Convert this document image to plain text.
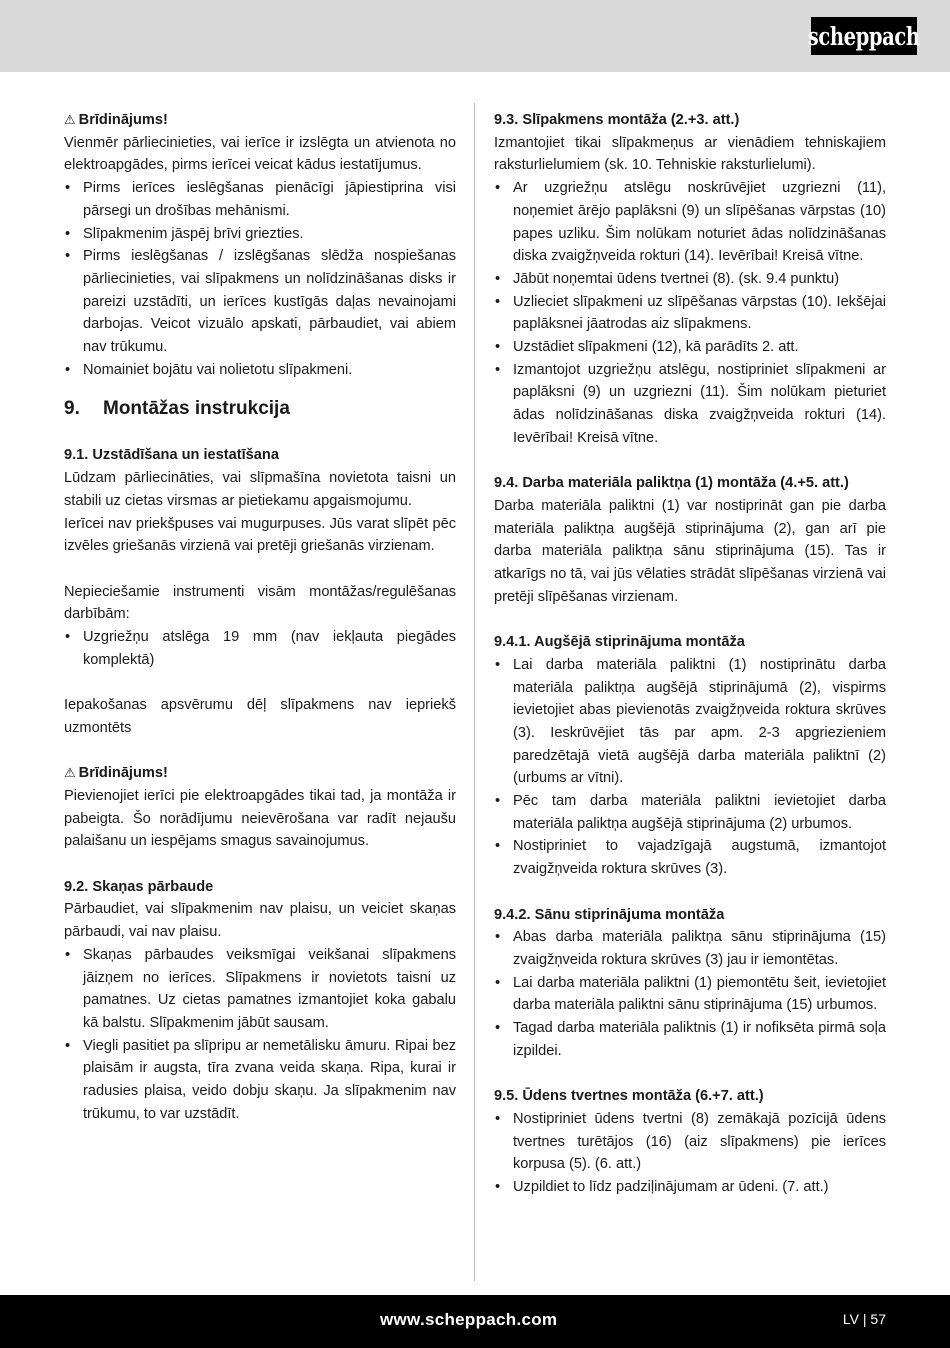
scheppach
⚠ Brīdinājums!
Vienmēr pārliecinieties, vai ierīce ir izslēgta un atvienota no elektroapgādes, pirms ierīcei veicat kādus iestatījumus.
• Pirms ierīces ieslēgšanas pienācīgi jāpiestiprina visi pārsegi un drošības mehānismi.
• Slīpakmenim jāspēj brīvi griezties.
• Pirms ieslēgšanas / izslēgšanas slēdža nospiešanas pārliecinieties, vai slīpakmens un nolīdzināšanas disks ir pareizi uzstādīti, un ierīces kustīgās daļas nevainojami darbojas. Veicot vizuālo apskati, pārbaudiet, vai abiem nav trūkumu.
• Nomainiet bojātu vai nolietotu slīpakmeni.
9.	Montāžas instrukcija
9.1. Uzstādīšana un iestatīšana
Lūdzam pārliecināties, vai slīpmašīna novietota taisni un stabili uz cietas virsmas ar pietiekamu apgaismojumu.
Ierīcei nav priekšpuses vai mugurpuses. Jūs varat slīpēt pēc izvēles griešanās virzienā vai pretēji griešanās virzienam.
Nepieciešamie instrumenti visām montāžas/regulēšanas darbībām:
• Uzgriežņu atslēga 19 mm (nav iekļauta piegādes komplektā)
Iepakošanas apsvērumu dēļ slīpakmens nav iepriekš uzmontēts
⚠ Brīdinājums!
Pievienojiet ierīci pie elektroapgādes tikai tad, ja montāža ir pabeigta. Šo norādījumu neievērošana var radīt nejaušu palaišanu un iespējams smagus savainojumus.
9.2. Skaņas pārbaude
Pārbaudiet, vai slīpakmenim nav plaisu, un veiciet skaņas pārbaudi, vai nav plaisu.
• Skaņas pārbaudes veiksmīgai veikšanai slīpakmens jāizņem no ierīces. Slīpakmens ir novietots taisni uz pamatnes. Uz cietas pamatnes izmantojiet koka gabalu kā balstu. Slīpakmenim jābūt sausam.
• Viegli pasitiet pa slīpripu ar nemetālisku āmuru. Ripai bez plaisām ir augsta, tīra zvana veida skaņa. Ripa, kurai ir radusies plaisa, veido dobju skaņu. Ja slīpakmenim nav trūkumu, to var uzstādīt.
9.3. Slīpakmens montāža (2.+3. att.)
Izmantojiet tikai slīpakmeņus ar vienādiem tehniskajiem raksturlielumiem (sk. 10. Tehniskie raksturlielumi).
• Ar uzgriežņu atslēgu noskrūvējiet uzgriezni (11), noņemiet ārējo paplāksni (9) un slīpēšanas vārpstas (10) papes uzliku. Šim nolūkam noturiet ādas nolīdzināšanas diska zvaigžņveida rokturi (14). Ievērībai! Kreisā vītne.
• Jābūt noņemtai ūdens tvertnei (8). (sk. 9.4 punktu)
• Uzlieciet slīpakmeni uz slīpēšanas vārpstas (10). Iekšējai paplāksnei jāatrodas aiz slīpakmens.
• Uzstādiet slīpakmeni (12), kā parādīts 2. att.
• Izmantojot uzgriežņu atslēgu, nostipriniet slīpakmeni ar paplāksni (9) un uzgriezni (11). Šim nolūkam pieturiet ādas nolīdzināšanas diska zvaigžņveida rokturi (14). Ievērībai! Kreisā vītne.
9.4. Darba materiāla paliktņa (1) montāža (4.+5. att.)
Darba materiāla paliktni (1) var nostiprināt gan pie darba materiāla paliktņa augšējā stiprinājuma (2), gan arī pie darba materiāla paliktņa sānu stiprinājuma (15). Tas ir atkarīgs no tā, vai jūs vēlaties strādāt slīpēšanas virzienā vai pretēji slīpēšanas virzienam.
9.4.1. Augšējā stiprinājuma montāža
• Lai darba materiāla paliktni (1) nostiprinātu darba materiāla paliktņa augšējā stiprinājumā (2), vispirms ievietojiet abas pievienotās zvaigžņveida roktura skrūves (3). Ieskrūvējiet tās par apm. 2-3 apgriezieniem paredzētajā vietā augšējā darba materiāla paliktnī (2) (urbums ar vītni).
• Pēc tam darba materiāla paliktni ievietojiet darba materiāla paliktņa augšējā stiprinājuma (2) urbumos.
• Nostipriniet to vajadzīgajā augstumā, izmantojot zvaigžņveida roktura skrūves (3).
9.4.2. Sānu stiprinājuma montāža
• Abas darba materiāla paliktņa sānu stiprinājuma (15) zvaigžņveida roktura skrūves (3) jau ir iemontētas.
• Lai darba materiāla paliktni (1) piemontētu šeit, ievietojiet darba materiāla paliktni sānu stiprinājuma (15) urbumos.
• Tagad darba materiāla paliktnis (1) ir nofiksēta pirmā soļa izpildei.
9.5. Ūdens tvertnes montāža (6.+7. att.)
• Nostipriniet ūdens tvertni (8) zemākajā pozīcijā ūdens tvertnes turētājos (16) (aiz slīpakmens) pie ierīces korpusa (5). (6. att.)
• Uzpildiet to līdz padziļinājumam ar ūdeni. (7. att.)
www.scheppach.com	LV | 57
